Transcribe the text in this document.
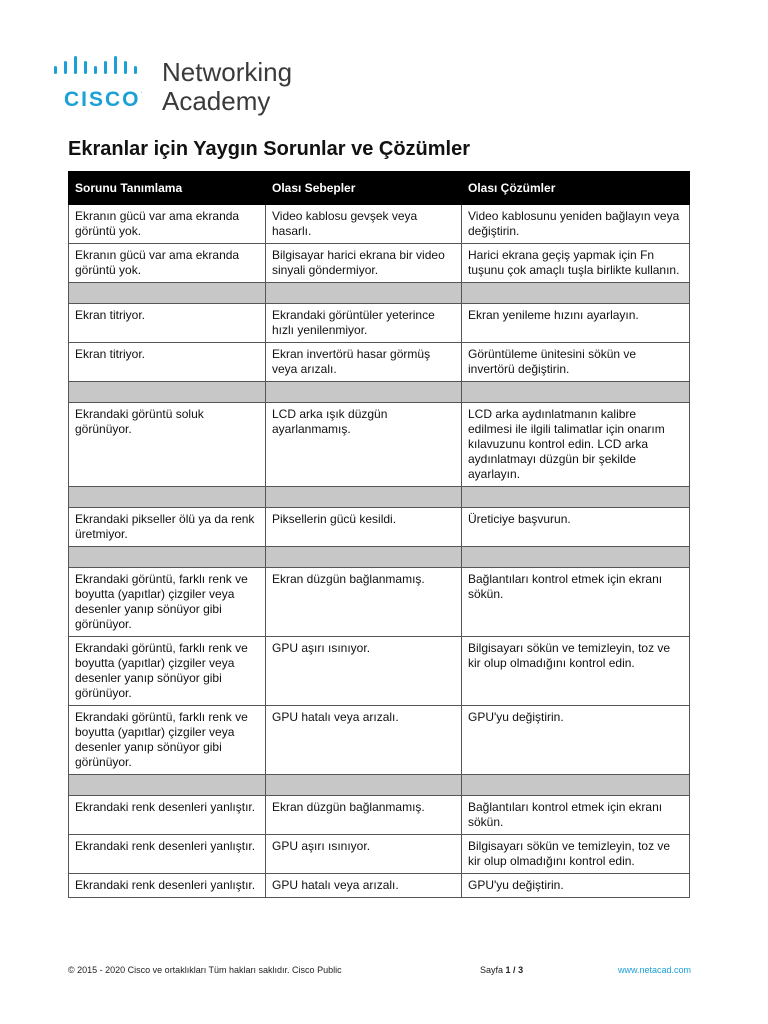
CISCO.
Networking
Academy
Ekranlar için Yaygın Sorunlar ve Çözümler
Sorunu Tanımlama	Olası Sebepler	Olası Çözümler
Ekranın gücü var ama ekranda görüntü yok.	Video kablosu gevşek veya hasarlı.	Video kablosunu yeniden bağlayın veya değiştirin.
Ekranın gücü var ama ekranda görüntü yok.	Bilgisayar harici ekrana bir video sinyali göndermiyor.	Harici ekrana geçiş yapmak için Fn tuşunu çok amaçlı tuşla birlikte kullanın.

Ekran titriyor.	Ekrandaki görüntüler yeterince hızlı yenilenmiyor.	Ekran yenileme hızını ayarlayın.
Ekran titriyor.	Ekran invertörü hasar görmüş veya arızalı.	Görüntüleme ünitesini sökün ve invertörü değiştirin.

Ekrandaki görüntü soluk görünüyor.	LCD arka ışık düzgün ayarlanmamış.	LCD arka aydınlatmanın kalibre edilmesi ile ilgili talimatlar için onarım kılavuzunu kontrol edin. LCD arka aydınlatmayı düzgün bir şekilde ayarlayın.

Ekrandaki pikseller ölü ya da renk üretmiyor.	Piksellerin gücü kesildi.	Üreticiye başvurun.

Ekrandaki görüntü, farklı renk ve boyutta (yapıtlar) çizgiler veya desenler yanıp sönüyor gibi görünüyor.	Ekran düzgün bağlanmamış.	Bağlantıları kontrol etmek için ekranı sökün.
Ekrandaki görüntü, farklı renk ve boyutta (yapıtlar) çizgiler veya desenler yanıp sönüyor gibi görünüyor.	GPU aşırı ısınıyor.	Bilgisayarı sökün ve temizleyin, toz ve kir olup olmadığını kontrol edin.
Ekrandaki görüntü, farklı renk ve boyutta (yapıtlar) çizgiler veya desenler yanıp sönüyor gibi görünüyor.	GPU hatalı veya arızalı.	GPU'yu değiştirin.

Ekrandaki renk desenleri yanlıştır.	Ekran düzgün bağlanmamış.	Bağlantıları kontrol etmek için ekranı sökün.
Ekrandaki renk desenleri yanlıştır.	GPU aşırı ısınıyor.	Bilgisayarı sökün ve temizleyin, toz ve kir olup olmadığını kontrol edin.
Ekrandaki renk desenleri yanlıştır.	GPU hatalı veya arızalı.	GPU'yu değiştirin.
© 2015 - 2020 Cisco ve ortaklıkları Tüm hakları saklıdır. Cisco Public	Sayfa 1 / 3	www.netacad.com
